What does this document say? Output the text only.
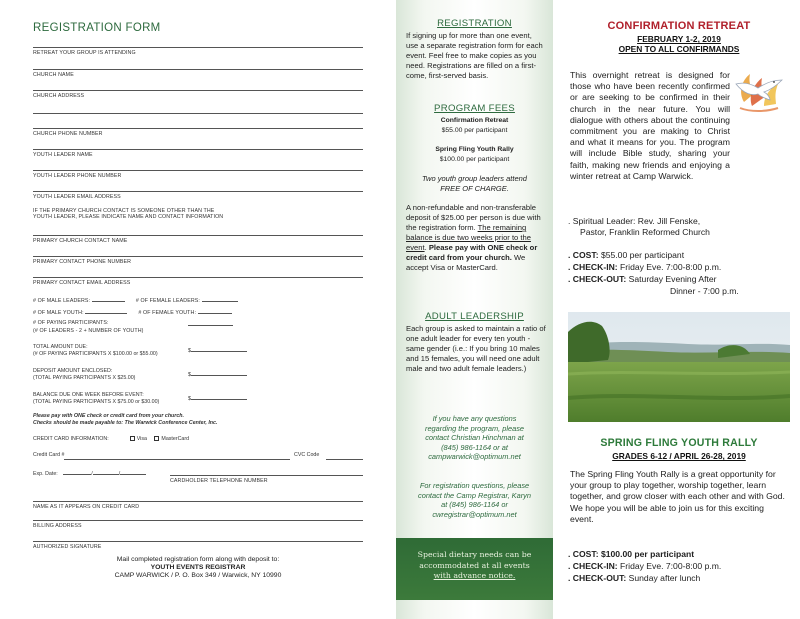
REGISTRATION FORM
RETREAT YOUR GROUP IS ATTENDING
CHURCH NAME
CHURCH ADDRESS
CHURCH PHONE NUMBER
YOUTH LEADER NAME
YOUTH LEADER PHONE NUMBER
YOUTH LEADER EMAIL ADDRESS
IF THE PRIMARY CHURCH CONTACT IS SOMEONE OTHER THAN THE
YOUTH LEADER, PLEASE INDICATE NAME AND CONTACT INFORMATION
PRIMARY CHURCH CONTACT NAME
PRIMARY CONTACT PHONE NUMBER
PRIMARY CONTACT EMAIL ADDRESS
# OF MALE LEADERS:	# OF FEMALE LEADERS:
# OF MALE YOUTH:	# OF FEMALE YOUTH:
# OF PAYING PARTICIPANTS:
(# OF LEADERS - 2 + NUMBER OF YOUTH)
TOTAL AMOUNT DUE:
(# OF PAYING PARTICIPANTS X $100.00 or $55.00)	$
DEPOSIT AMOUNT ENCLOSED:
(TOTAL PAYING PARTICIPANTS X $25.00)	$
BALANCE DUE ONE WEEK BEFORE EVENT:
(TOTAL PAYING PARTICIPANTS X $75.00 or $30.00)	$
Please pay with ONE check or credit card from your church.
Checks should be made payable to: The Warwick Conference Center, Inc.
CREDIT CARD INFORMATION:	Visa	MasterCard
Credit Card #	CVC Code
Exp. Date:	/	/
CARDHOLDER TELEPHONE NUMBER
NAME AS IT APPEARS ON CREDIT CARD
BILLING ADDRESS
AUTHORIZED SIGNATURE
Mail completed registration form along with deposit to:
YOUTH EVENTS REGISTRAR
CAMP WARWICK / P. O. Box 349 / Warwick, NY 10990
REGISTRATION
If signing up for more than one event, use a separate registration form for each event. Feel free to make copies as you need. Registrations are filled on a first-come, first-served basis.
PROGRAM FEES
Confirmation Retreat
$55.00 per participant
Spring Fling Youth Rally
$100.00 per participant
Two youth group leaders attend
FREE OF CHARGE.
A non-refundable and non-transferable deposit of $25.00 per person is due with the registration form. The remaining balance is due two weeks prior to the event. Please pay with ONE check or credit card from your church. We accept Visa or MasterCard.
ADULT LEADERSHIP
Each group is asked to maintain a ratio of one adult leader for every ten youth - same gender (i.e.: If you bring 10 males and 15 females, you will need one adult male and two adult female leaders.)
If you have any questions regarding the program, please contact Christian Hinchman at (845) 986-1164 or at campwarwick@optimum.net
For registration questions, please contact the Camp Registrar, Karyn at (845) 986-1164 or cwregistrar@optimum.net

Special dietary needs can be
accommodated at all events
with advance notice.

CONFIRMATION RETREAT
FEBRUARY 1-2, 2019
OPEN TO ALL CONFIRMANDS
This overnight retreat is designed for those who have been recently confirmed or are seeking to be confirmed in their church in the near future. You will dialogue with others about the continuing commitment you are making to Christ and what it means for you. The program will include Bible study, sharing your faith, making new friends and enjoying a winter retreat at Camp Warwick.
. Spiritual Leader: Rev. Jill Fenske,
Pastor, Franklin Reformed Church
. COST: $55.00 per participant
. CHECK-IN: Friday Eve. 7:00-8:00 p.m.
. CHECK-OUT: Saturday Evening After
Dinner - 7:00 p.m.
SPRING FLING YOUTH RALLY
GRADES 6-12 / APRIL 26-28, 2019
The Spring Fling Youth Rally is a great opportunity for your group to play together, worship together, learn together, and grow closer with each other and with God. We hope you will be able to join us for this exciting event.
. COST: $100.00 per participant
. CHECK-IN: Friday Eve. 7:00-8:00 p.m.
. CHECK-OUT: Sunday after lunch
